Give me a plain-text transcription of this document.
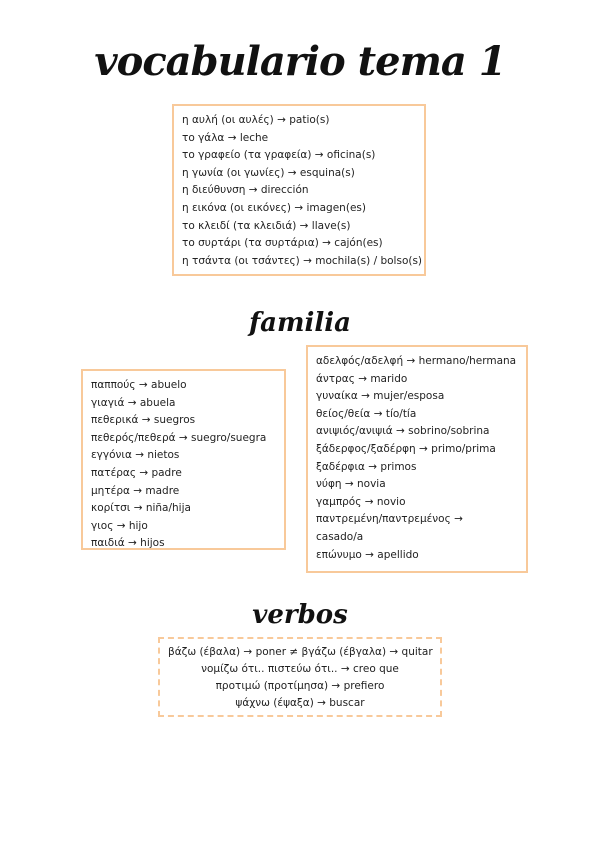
vocabulario tema 1
η αυλή (οι αυλές) → patio(s)
το γάλα → leche
το γραφείο (τα γραφεία) → oficina(s)
η γωνία (οι γωνίες) → esquina(s)
η διεύθυνση → dirección
η εικόνα (οι εικόνες) → imagen(es)
το κλειδί (τα κλειδιά) → llave(s)
το συρτάρι (τα συρτάρια) → cajón(es)
η τσάντα (οι τσάντες) → mochila(s) / bolso(s)
familia
παππούς → abuelo
γιαγιά → abuela
πεθερικά → suegros
πεθερός/πεθερά → suegro/suegra
εγγόνια → nietos
πατέρας → padre
μητέρα → madre
κορίτσι → niña/hija
γιος → hijo
παιδιά → hijos
αδελφός/αδελφή → hermano/hermana
άντρας → marido
γυναίκα → mujer/esposa
θείος/θεία → tío/tía
ανιψιός/ανιψιά → sobrino/sobrina
ξάδερφος/ξαδέρφη → primo/prima
ξαδέρφια → primos
νύφη → novia
γαμπρός → novio
παντρεμένη/παντρεμένος →
casado/a
επώνυμο → apellido
verbos
βάζω (έβαλα) → poner ≠ βγάζω (έβγαλα) → quitar
νομίζω ότι.. πιστεύω ότι.. → creo que
προτιμώ (προτίμησα) → prefiero
ψάχνω (έψαξα) → buscar
